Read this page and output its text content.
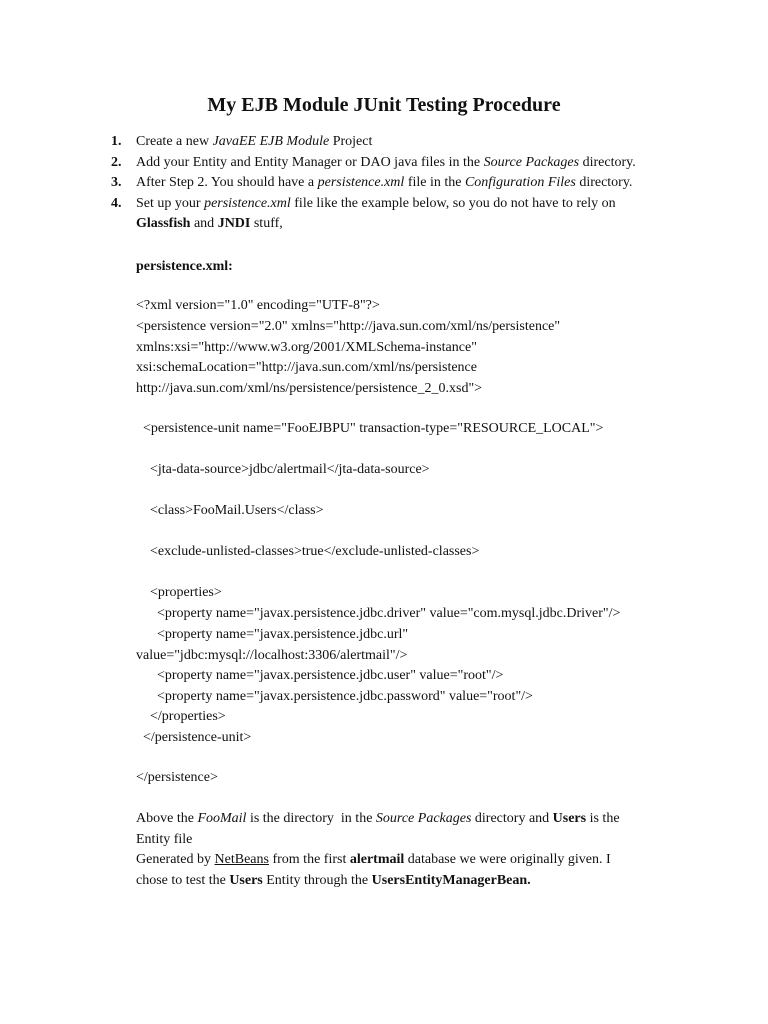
My EJB Module JUnit Testing Procedure
1. Create a new JavaEE EJB Module Project
2. Add your Entity and Entity Manager or DAO java files in the Source Packages directory.
3. After Step 2. You should have a persistence.xml file in the Configuration Files directory.
4. Set up your persistence.xml file like the example below, so you do not have to rely on
Glassfish and JNDI stuff,
persistence.xml:
<?xml version="1.0" encoding="UTF-8"?>
<persistence version="2.0" xmlns="http://java.sun.com/xml/ns/persistence"
xmlns:xsi="http://www.w3.org/2001/XMLSchema-instance"
xsi:schemaLocation="http://java.sun.com/xml/ns/persistence
http://java.sun.com/xml/ns/persistence/persistence_2_0.xsd">
<persistence-unit name="FooEJBPU" transaction-type="RESOURCE_LOCAL">
<jta-data-source>jdbc/alertmail</jta-data-source>
<class>FooMail.Users</class>
<exclude-unlisted-classes>true</exclude-unlisted-classes>
<properties>
<property name="javax.persistence.jdbc.driver" value="com.mysql.jdbc.Driver"/>
<property name="javax.persistence.jdbc.url"
value="jdbc:mysql://localhost:3306/alertmail"/>
<property name="javax.persistence.jdbc.user" value="root"/>
<property name="javax.persistence.jdbc.password" value="root"/>
</properties>
</persistence-unit>
</persistence>
Above the FooMail is the directory  in the Source Packages directory and Users is the
Entity file
Generated by NetBeans from the first alertmail database we were originally given. I
chose to test the Users Entity through the UsersEntityManagerBean.
